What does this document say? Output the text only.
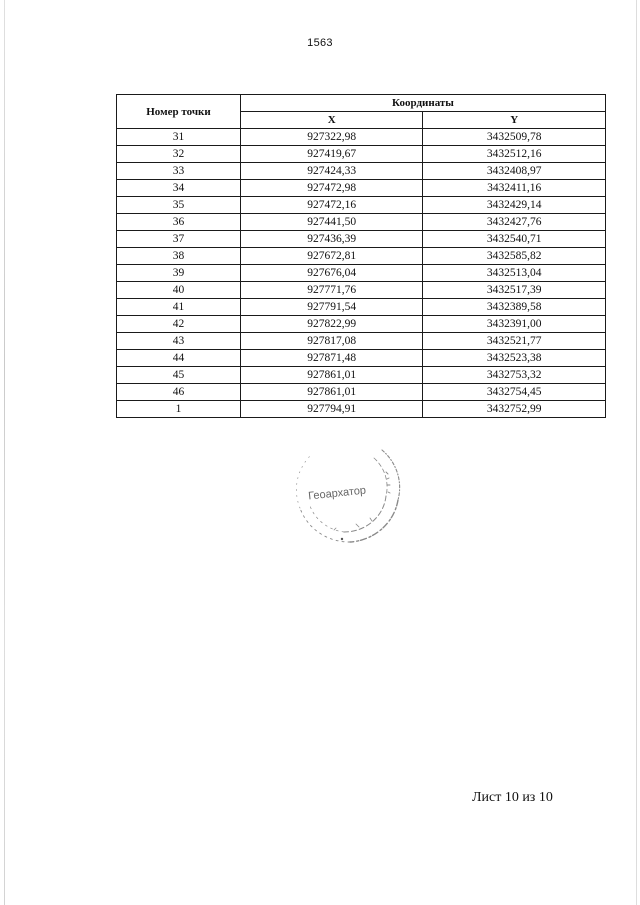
1563
Номер точки	Координаты	
	X	Y
31	927322,98	3432509,78
32	927419,67	3432512,16
33	927424,33	3432408,97
34	927472,98	3432411,16
35	927472,16	3432429,14
36	927441,50	3432427,76
37	927436,39	3432540,71
38	927672,81	3432585,82
39	927676,04	3432513,04
40	927771,76	3432517,39
41	927791,54	3432389,58
42	927822,99	3432391,00
43	927817,08	3432521,77
44	927871,48	3432523,38
45	927861,01	3432753,32
46	927861,01	3432754,45
1	927794,91	3432752,99
Геоархатор
Лист 10 из 10
